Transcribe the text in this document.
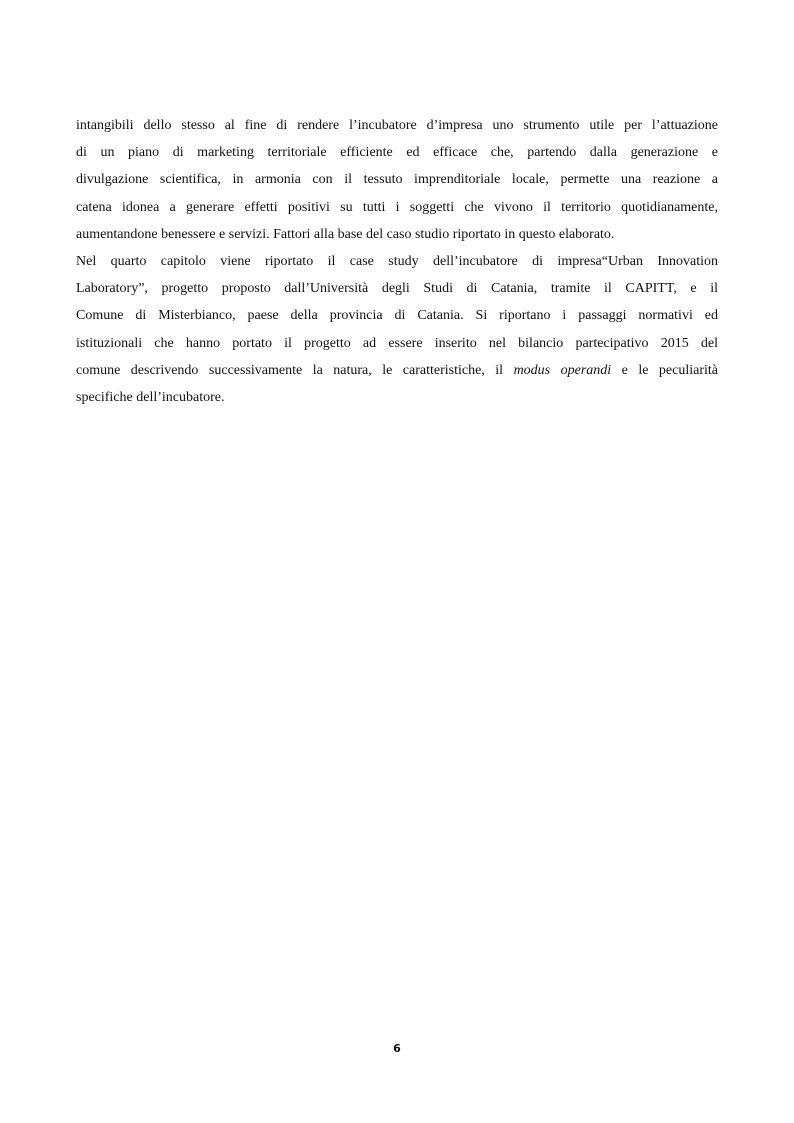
intangibili dello stesso al fine di rendere l’incubatore d’impresa uno strumento utile per l’attuazione
di un piano di marketing territoriale efficiente ed efficace che, partendo dalla generazione e
divulgazione scientifica, in armonia con il tessuto imprenditoriale locale, permette una reazione a
catena idonea a generare effetti positivi su tutti i soggetti che vivono il territorio quotidianamente,
aumentandone benessere e servizi. Fattori alla base del caso studio riportato in questo elaborato.
Nel quarto capitolo viene riportato il case study dell’incubatore di impresa“Urban Innovation
Laboratory”, progetto proposto dall’Università degli Studi di Catania, tramite il CAPITT, e il
Comune di Misterbianco, paese della provincia di Catania. Si riportano i passaggi normativi ed
istituzionali che hanno portato il progetto ad essere inserito nel bilancio partecipativo 2015 del
comune descrivendo successivamente la natura, le caratteristiche, il modus operandi e le peculiarità
specifiche dell’incubatore.
6
